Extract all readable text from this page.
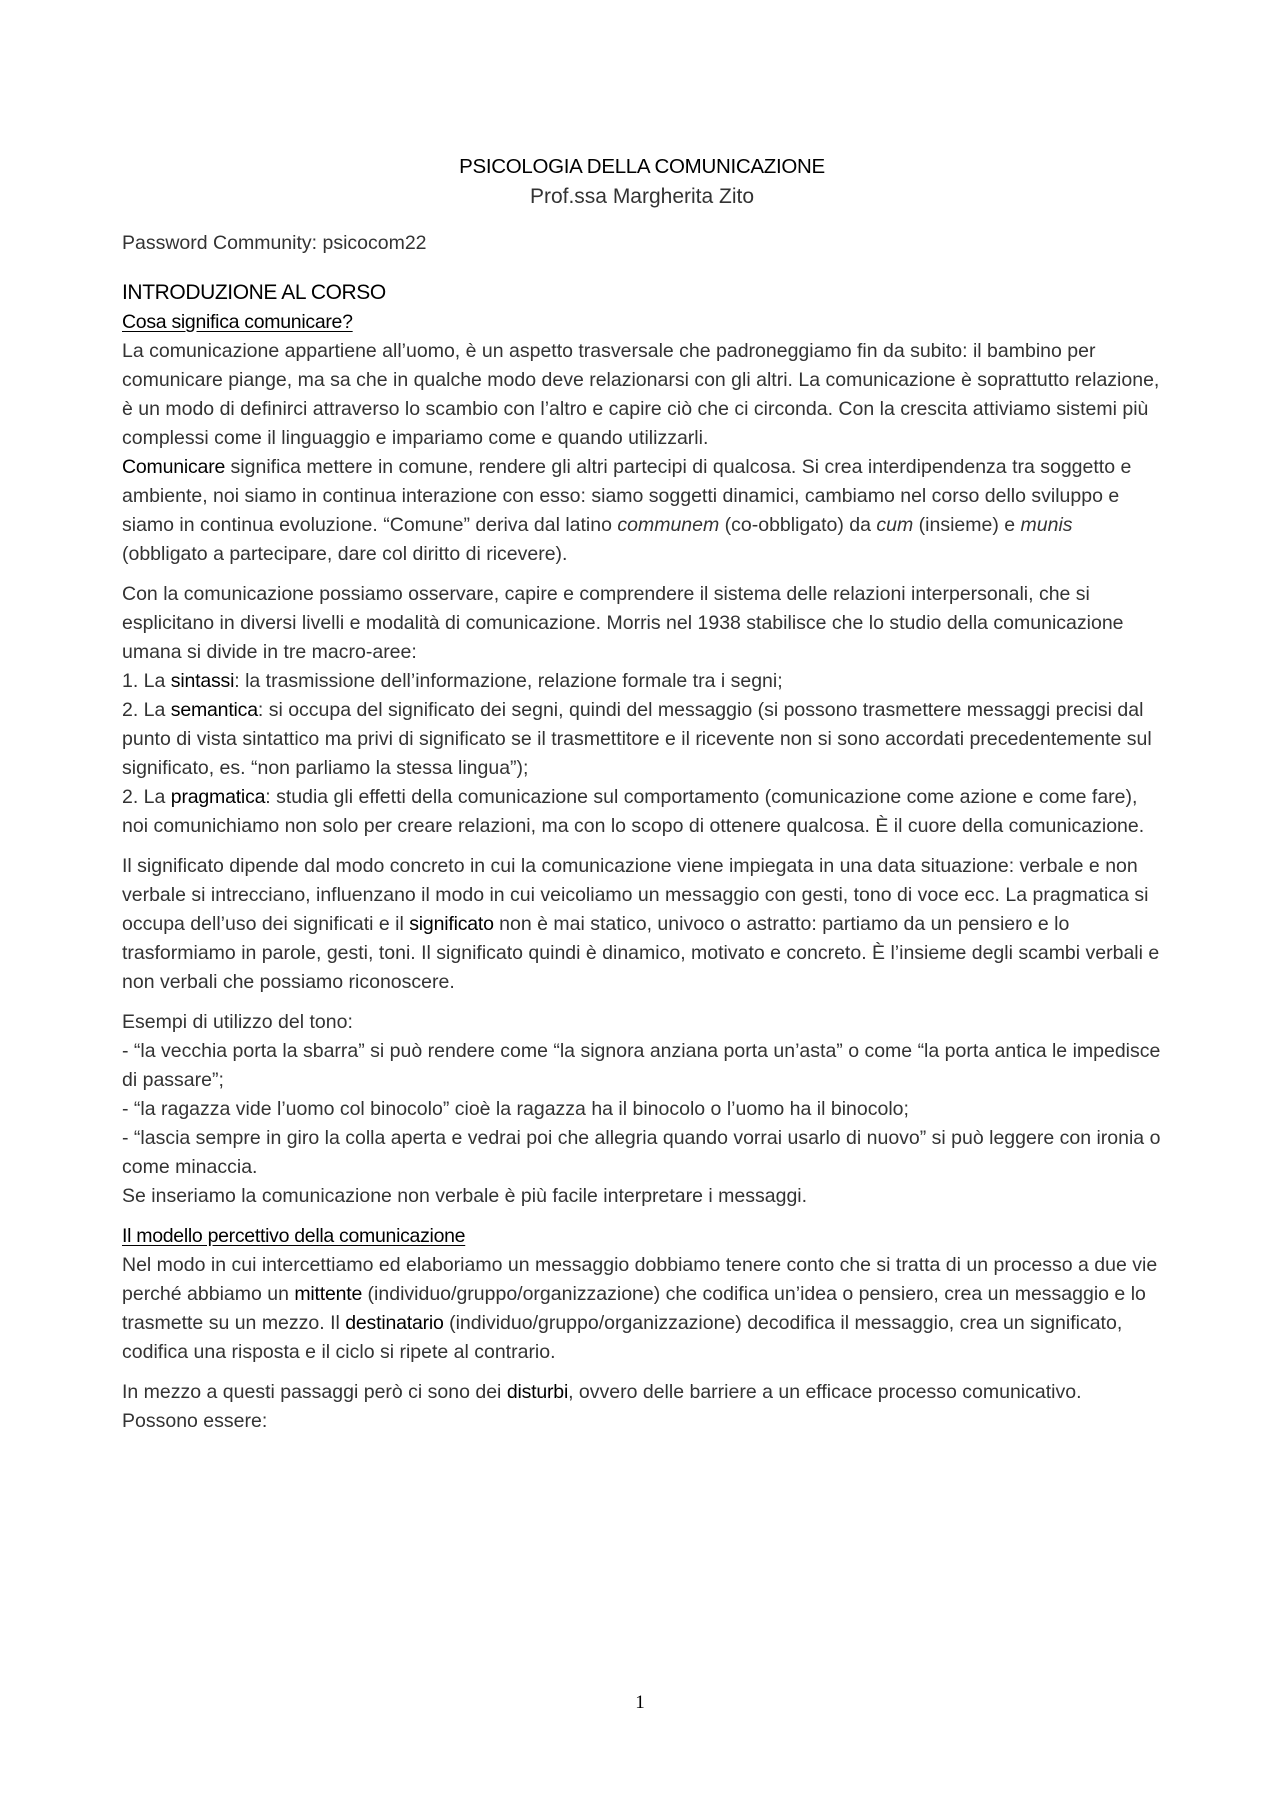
PSICOLOGIA DELLA COMUNICAZIONE
Prof.ssa Margherita Zito
Password Community: psicocom22
INTRODUZIONE AL CORSO
Cosa significa comunicare?

La comunicazione appartiene all’uomo, è un aspetto trasversale che padroneggiamo fin da subito: il bambino per comunicare piange, ma sa che in qualche modo deve relazionarsi con gli altri. La comunicazione è soprattutto relazione, è un modo di definirci attraverso lo scambio con l’altro e capire ciò che ci circonda. Con la crescita attiviamo sistemi più complessi come il linguaggio e impariamo come e quando utilizzarli.
Comunicare significa mettere in comune, rendere gli altri partecipi di qualcosa. Si crea interdipendenza tra soggetto e ambiente, noi siamo in continua interazione con esso: siamo soggetti dinamici, cambiamo nel corso dello sviluppo e siamo in continua evoluzione. “Comune” deriva dal latino communem (co-obbligato) da cum (insieme) e munis (obbligato a partecipare, dare col diritto di ricevere).

Con la comunicazione possiamo osservare, capire e comprendere il sistema delle relazioni interpersonali, che si esplicitano in diversi livelli e modalità di comunicazione. Morris nel 1938 stabilisce che lo studio della comunicazione umana si divide in tre macro-aree:
1. La sintassi: la trasmissione dell’informazione, relazione formale tra i segni;
2. La semantica: si occupa del significato dei segni, quindi del messaggio (si possono trasmettere messaggi precisi dal punto di vista sintattico ma privi di significato se il trasmettitore e il ricevente non si sono accordati precedentemente sul significato, es. “non parliamo la stessa lingua”);
2. La pragmatica: studia gli effetti della comunicazione sul comportamento (comunicazione come azione e come fare), noi comunichiamo non solo per creare relazioni, ma con lo scopo di ottenere qualcosa. È il cuore della comunicazione.

Il significato dipende dal modo concreto in cui la comunicazione viene impiegata in una data situazione: verbale e non verbale si intrecciano, influenzano il modo in cui veicoliamo un messaggio con gesti, tono di voce ecc. La pragmatica si occupa dell’uso dei significati e il significato non è mai statico, univoco o astratto: partiamo da un pensiero e lo trasformiamo in parole, gesti, toni. Il significato quindi è dinamico, motivato e concreto. È l’insieme degli scambi verbali e non verbali che possiamo riconoscere.

Esempi di utilizzo del tono:
- “la vecchia porta la sbarra” si può rendere come “la signora anziana porta un’asta” o come “la porta antica le impedisce di passare”;
- “la ragazza vide l’uomo col binocolo” cioè la ragazza ha il binocolo o l’uomo ha il binocolo;
- “lascia sempre in giro la colla aperta e vedrai poi che allegria quando vorrai usarlo di nuovo” si può leggere con ironia o come minaccia.
Se inseriamo la comunicazione non verbale è più facile interpretare i messaggi.

Il modello percettivo della comunicazione

Nel modo in cui intercettiamo ed elaboriamo un messaggio dobbiamo tenere conto che si tratta di un processo a due vie perché abbiamo un mittente (individuo/gruppo/organizzazione) che codifica un’idea o pensiero, crea un messaggio e lo trasmette su un mezzo. Il destinatario (individuo/gruppo/organizzazione) decodifica il messaggio, crea un significato, codifica una risposta e il ciclo si ripete al contrario.

In mezzo a questi passaggi però ci sono dei disturbi, ovvero delle barriere a un efficace processo comunicativo. Possono essere:

1
